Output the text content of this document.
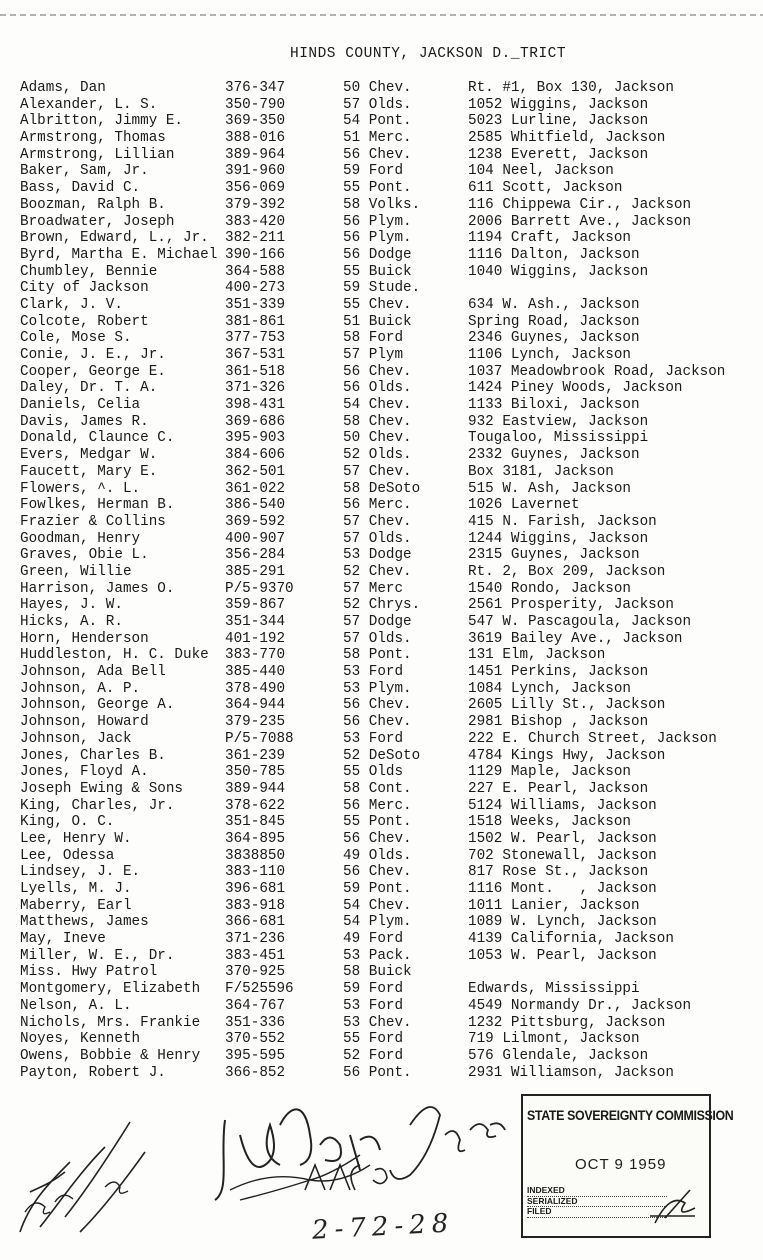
HINDS COUNTY, JACKSON D._TRICT
Adams, Dan	376-347	50 Chev.	Rt. #1, Box 130, Jackson
Alexander, L. S.	350-790	57 Olds.	1052 Wiggins, Jackson
Albritton, Jimmy E.	369-350	54 Pont.	5023 Lurline, Jackson
Armstrong, Thomas	388-016	51 Merc.	2585 Whitfield, Jackson
Armstrong, Lillian	389-964	56 Chev.	1238 Everett, Jackson
Baker, Sam, Jr.	391-960	59 Ford	104 Neel, Jackson
Bass, David C.	356-069	55 Pont.	611 Scott, Jackson
Boozman, Ralph B.	379-392	58 Volks.	116 Chippewa Cir., Jackson
Broadwater, Joseph	383-420	56 Plym.	2006 Barrett Ave., Jackson
Brown, Edward, L., Jr.	382-211	56 Plym.	1194 Craft, Jackson
Byrd, Martha E. Michael 390-166	56 Dodge	1116 Dalton, Jackson
Chumbley, Bennie	364-588	55 Buick	1040 Wiggins, Jackson
City of Jackson	400-273	59 Stude.
Clark, J. V.	351-339	55 Chev.	634 W. Ash., Jackson
Colcote, Robert	381-861	51 Buick	Spring Road, Jackson
Cole, Mose S.	377-753	58 Ford	2346 Guynes, Jackson
Conie, J. E., Jr.	367-531	57 Plym	1106 Lynch, Jackson
Cooper, George E.	361-518	56 Chev.	1037 Meadowbrook Road, Jackson
Daley, Dr. T. A.	371-326	56 Olds.	1424 Piney Woods, Jackson
Daniels, Celia	398-431	54 Chev.	1133 Biloxi, Jackson
Davis, James R.	369-686	58 Chev.	932 Eastview, Jackson
Donald, Claunce C.	395-903	50 Chev.	Tougaloo, Mississippi
Evers, Medgar W.	384-606	52 Olds.	2332 Guynes, Jackson
Faucett, Mary E.	362-501	57 Chev.	Box 3181, Jackson
Flowers, ^. L.	361-022	58 DeSoto	515 W. Ash, Jackson
Fowlkes, Herman B.	386-540	56 Merc.	1026 Lavernet
Frazier & Collins	369-592	57 Chev.	415 N. Farish, Jackson
Goodman, Henry	400-907	57 Olds.	1244 Wiggins, Jackson
Graves, Obie L.	356-284	53 Dodge	2315 Guynes, Jackson
Green, Willie	385-291	52 Chev.	Rt. 2, Box 209, Jackson
Harrison, James O.	P/5-9370	57 Merc	1540 Rondo, Jackson
Hayes, J. W.	359-867	52 Chrys.	2561 Prosperity, Jackson
Hicks, A. R.	351-344	57 Dodge	547 W. Pascagoula, Jackson
Horn, Henderson	401-192	57 Olds.	3619 Bailey Ave., Jackson
Huddleston, H. C. Duke	383-770	58 Pont.	131 Elm, Jackson
Johnson, Ada Bell	385-440	53 Ford	1451 Perkins, Jackson
Johnson, A. P.	378-490	53 Plym.	1084 Lynch, Jackson
Johnson, George A.	364-944	56 Chev.	2605 Lilly St., Jackson
Johnson, Howard	379-235	56 Chev.	2981 Bishop , Jackson
Johnson, Jack	P/5-7088	53 Ford	222 E. Church Street, Jackson
Jones, Charles B.	361-239	52 DeSoto	4784 Kings Hwy, Jackson
Jones, Floyd A.	350-785	55 Olds	1129 Maple, Jackson
Joseph Ewing & Sons	389-944	58 Cont.	227 E. Pearl, Jackson
King, Charles, Jr.	378-622	56 Merc.	5124 Williams, Jackson
King, O. C.	351-845	55 Pont.	1518 Weeks, Jackson
Lee, Henry W.	364-895	56 Chev.	1502 W. Pearl, Jackson
Lee, Odessa	3838850	49 Olds.	702 Stonewall, Jackson
Lindsey, J. E.	383-110	56 Chev.	817 Rose St., Jackson
Lyells, M. J.	396-681	59 Pont.	1116 Mont.   , Jackson
Maberry, Earl	383-918	54 Chev.	1011 Lanier, Jackson
Matthews, James	366-681	54 Plym.	1089 W. Lynch, Jackson
May, Ineve	371-236	49 Ford	4139 California, Jackson
Miller, W. E., Dr.	383-451	53 Pack.	1053 W. Pearl, Jackson
Miss. Hwy Patrol	370-925	58 Buick
Montgomery, Elizabeth	F/525596	59 Ford	Edwards, Mississippi
Nelson, A. L.	364-767	53 Ford	4549 Normandy Dr., Jackson
Nichols, Mrs. Frankie	351-336	53 Chev.	1232 Pittsburg, Jackson
Noyes, Kenneth	370-552	55 Ford	719 Lilmont, Jackson
Owens, Bobbie & Henry	395-595	52 Ford	576 Glendale, Jackson
Payton, Robert J.	366-852	56 Pont.	2931 Williamson, Jackson
2-72-28
STATE SOVEREIGNTY COMMISSION
OCT 9 1959
INDEXED
SERIALIZED
FILED
